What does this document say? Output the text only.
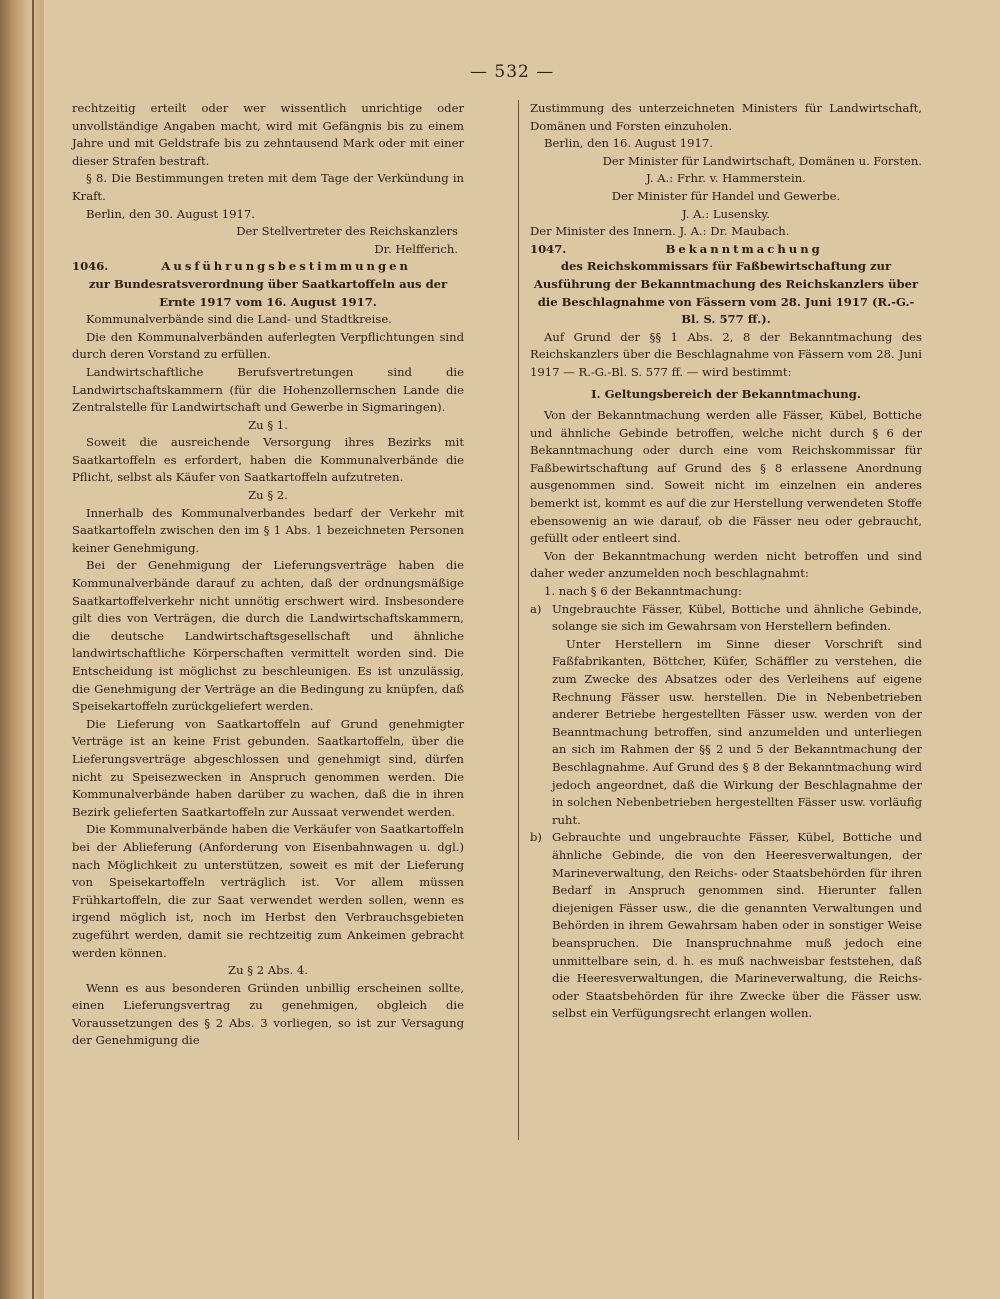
— 532 —

rechtzeitig erteilt oder wer wissentlich unrichtige oder unvollständige Angaben macht, wird mit Gefängnis bis zu einem Jahre und mit Geldstrafe bis zu zehntausend Mark oder mit einer dieser Strafen bestraft.

§ 8. Die Bestimmungen treten mit dem Tage der Verkündung in Kraft.

Berlin, den 30. August 1917.

Der Stellvertreter des Reichskanzlers

Dr. Helfferich.

1046.	Ausführungsbestimmungen

zur Bundesratsverordnung über Saatkartoffeln aus der Ernte 1917 vom 16. August 1917.

Kommunalverbände sind die Land- und Stadtkreise.

Die den Kommunalverbänden auferlegten Verpflichtungen sind durch deren Vorstand zu erfüllen.

Landwirtschaftliche Berufsvertretungen sind die Landwirtschaftskammern (für die Hohenzollernschen Lande die Zentralstelle für Landwirtschaft und Gewerbe in Sigmaringen).

Zu § 1.

Soweit die ausreichende Versorgung ihres Bezirks mit Saatkartoffeln es erfordert, haben die Kommunalverbände die Pflicht, selbst als Käufer von Saatkartoffeln aufzutreten.

Zu § 2.

Innerhalb des Kommunalverbandes bedarf der Verkehr mit Saatkartoffeln zwischen den im § 1 Abs. 1 bezeichneten Personen keiner Genehmigung.

Bei der Genehmigung der Lieferungsverträge haben die Kommunalverbände darauf zu achten, daß der ordnungsmäßige Saatkartoffelverkehr nicht unnötig erschwert wird. Insbesondere gilt dies von Verträgen, die durch die Landwirtschaftskammern, die deutsche Landwirtschaftsgesellschaft und ähnliche landwirtschaftliche Körperschaften vermittelt worden sind. Die Entscheidung ist möglichst zu beschleunigen. Es ist unzulässig, die Genehmigung der Verträge an die Bedingung zu knüpfen, daß Speisekartoffeln zurückgeliefert werden.

Die Lieferung von Saatkartoffeln auf Grund genehmigter Verträge ist an keine Frist gebunden. Saatkartoffeln, über die Lieferungsverträge abgeschlossen und genehmigt sind, dürfen nicht zu Speisezwecken in Anspruch genommen werden. Die Kommunalverbände haben darüber zu wachen, daß die in ihren Bezirk gelieferten Saatkartoffeln zur Aussaat verwendet werden.

Die Kommunalverbände haben die Verkäufer von Saatkartoffeln bei der Ablieferung (Anforderung von Eisenbahnwagen u. dgl.) nach Möglichkeit zu unterstützen, soweit es mit der Lieferung von Speisekartoffeln verträglich ist. Vor allem müssen Frühkartoffeln, die zur Saat verwendet werden sollen, wenn es irgend möglich ist, noch im Herbst den Verbrauchsgebieten zugeführt werden, damit sie rechtzeitig zum Ankeimen gebracht werden können.

Zu § 2 Abs. 4.

Wenn es aus besonderen Gründen unbillig erscheinen sollte, einen Lieferungsvertrag zu genehmigen, obgleich die Voraussetzungen des § 2 Abs. 3 vorliegen, so ist zur Versagung der Genehmigung die

Zustimmung des unterzeichneten Ministers für Landwirtschaft, Domänen und Forsten einzuholen.

Berlin, den 16. August 1917.

Der Minister für Landwirtschaft, Domänen u. Forsten.

J. A.: Frhr. v. Hammerstein.

Der Minister für Handel und Gewerbe.

J. A.: Lusensky.

Der Minister des Innern. J. A.: Dr. Maubach.

1047.	Bekanntmachung

des Reichskommissars für Faßbewirtschaftung zur Ausführung der Bekanntmachung des Reichskanzlers über die Beschlagnahme von Fässern vom 28. Juni 1917 (R.-G.-Bl. S. 577 ff.).

Auf Grund der §§ 1 Abs. 2, 8 der Bekanntmachung des Reichskanzlers über die Beschlagnahme von Fässern vom 28. Juni 1917 — R.-G.-Bl. S. 577 ff. — wird bestimmt:

I. Geltungsbereich der Bekanntmachung.

Von der Bekanntmachung werden alle Fässer, Kübel, Bottiche und ähnliche Gebinde betroffen, welche nicht durch § 6 der Bekanntmachung oder durch eine vom Reichskommissar für Faßbewirtschaftung auf Grund des § 8 erlassene Anordnung ausgenommen sind. Soweit nicht im einzelnen ein anderes bemerkt ist, kommt es auf die zur Herstellung verwendeten Stoffe ebensowenig an wie darauf, ob die Fässer neu oder gebraucht, gefüllt oder entleert sind.

Von der Bekanntmachung werden nicht betroffen und sind daher weder anzumelden noch beschlagnahmt:

1. nach § 6 der Bekanntmachung:

a) Ungebrauchte Fässer, Kübel, Bottiche und ähnliche Gebinde, solange sie sich im Gewahrsam von Herstellern befinden.

Unter Herstellern im Sinne dieser Vorschrift sind Faßfabrikanten, Böttcher, Küfer, Schäffler zu verstehen, die zum Zwecke des Absatzes oder des Verleihens auf eigene Rechnung Fässer usw. herstellen. Die in Nebenbetrieben anderer Betriebe hergestellten Fässer usw. werden von der Beanntmachung betroffen, sind anzumelden und unterliegen an sich im Rahmen der §§ 2 und 5 der Bekanntmachung der Beschlagnahme. Auf Grund des § 8 der Bekanntmachung wird jedoch angeordnet, daß die Wirkung der Beschlagnahme der in solchen Nebenbetrieben hergestellten Fässer usw. vorläufig ruht.

b) Gebrauchte und ungebrauchte Fässer, Kübel, Bottiche und ähnliche Gebinde, die von den Heeresverwaltungen, der Marineverwaltung, den Reichs- oder Staatsbehörden für ihren Bedarf in Anspruch genommen sind. Hierunter fallen diejenigen Fässer usw., die die genannten Verwaltungen und Behörden in ihrem Gewahrsam haben oder in sonstiger Weise beanspruchen. Die Inanspruchnahme muß jedoch eine unmittelbare sein, d. h. es muß nachweisbar feststehen, daß die Heeresverwaltungen, die Marineverwaltung, die Reichs- oder Staatsbehörden für ihre Zwecke über die Fässer usw. selbst ein Verfügungsrecht erlangen wollen.
